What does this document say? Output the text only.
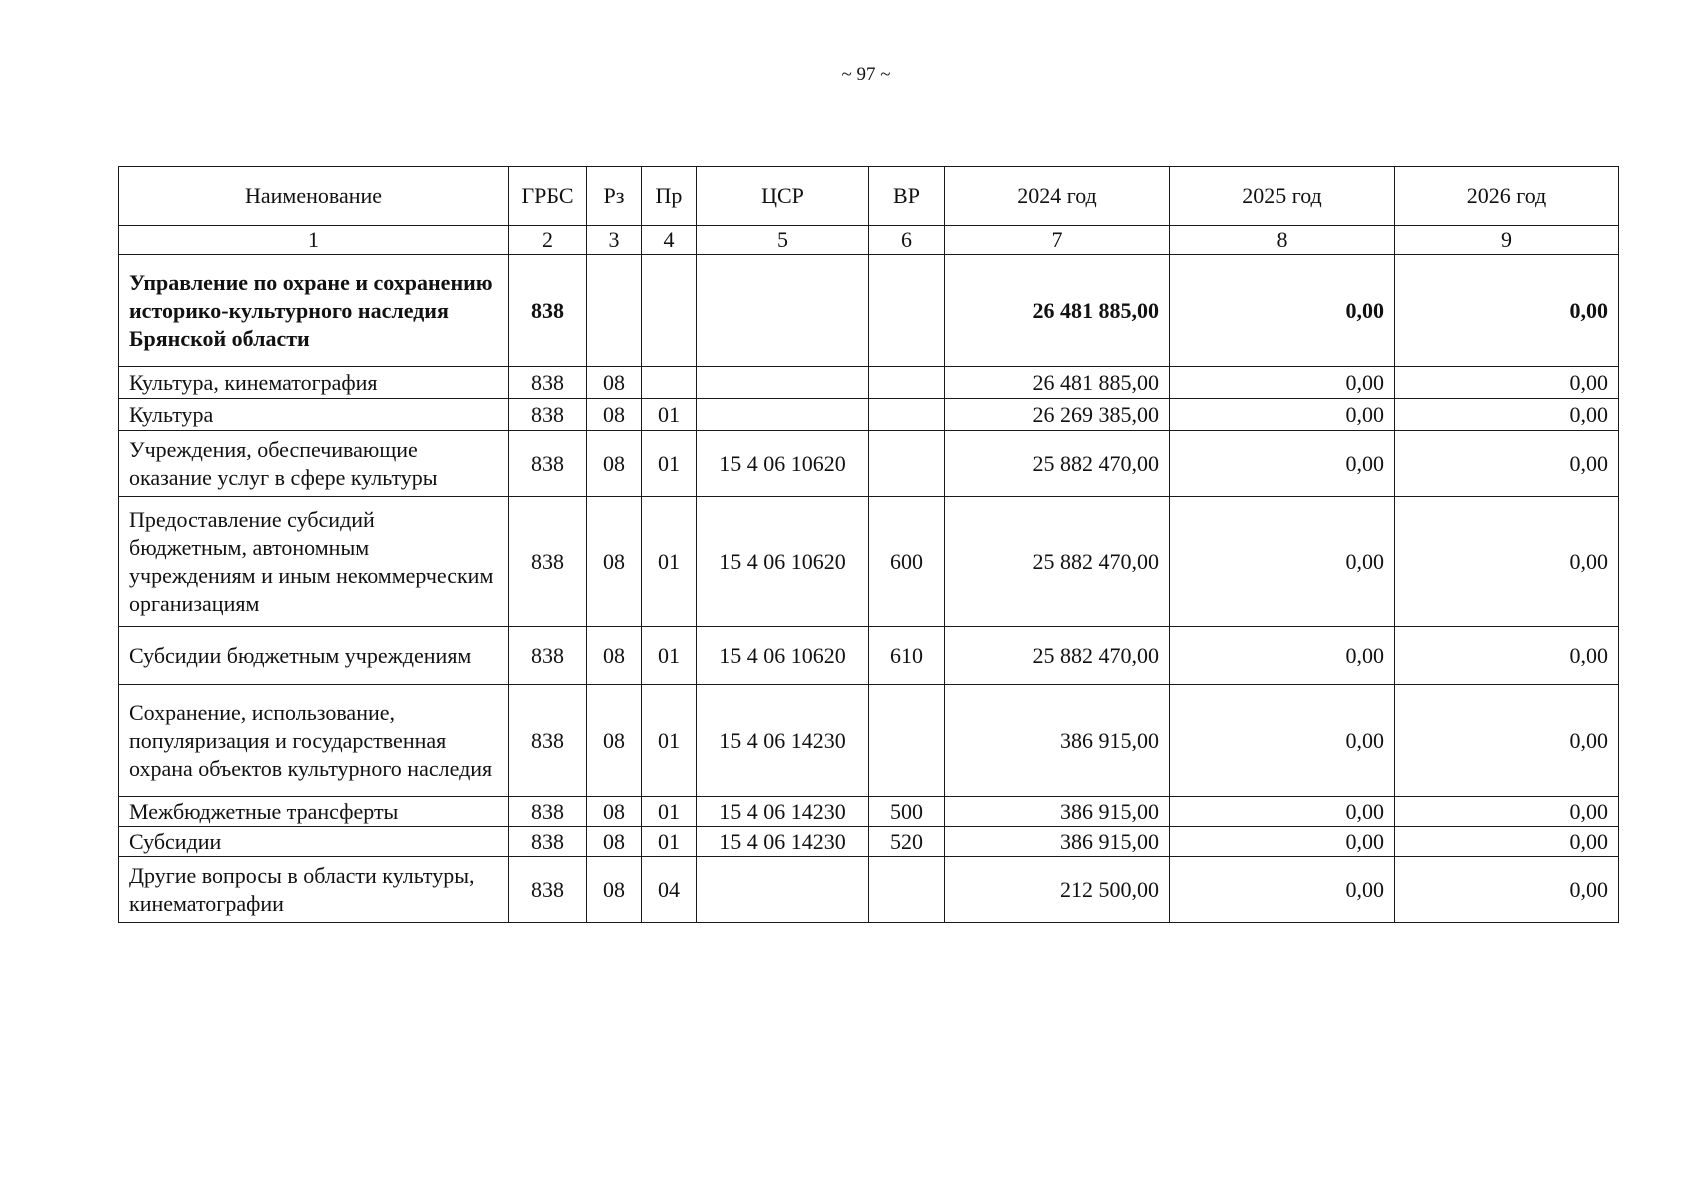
~ 97 ~
Наименование	ГРБС	Рз	Пр	ЦСР	ВР	2024 год	2025 год	2026 год
1	2	3	4	5	6	7	8	9
Управление по охране и сохранению историко-культурного наследия Брянской области	838					26 481 885,00	0,00	0,00
Культура, кинематография	838	08				26 481 885,00	0,00	0,00
Культура	838	08	01			26 269 385,00	0,00	0,00
Учреждения, обеспечивающие оказание услуг в сфере культуры	838	08	01	15 4 06 10620		25 882 470,00	0,00	0,00
Предоставление субсидий бюджетным, автономным учреждениям и иным некоммерческим организациям	838	08	01	15 4 06 10620	600	25 882 470,00	0,00	0,00
Субсидии бюджетным учреждениям	838	08	01	15 4 06 10620	610	25 882 470,00	0,00	0,00
Сохранение, использование, популяризация и государственная охрана объектов культурного наследия	838	08	01	15 4 06 14230		386 915,00	0,00	0,00
Межбюджетные трансферты	838	08	01	15 4 06 14230	500	386 915,00	0,00	0,00
Субсидии	838	08	01	15 4 06 14230	520	386 915,00	0,00	0,00
Другие вопросы в области культуры, кинематографии	838	08	04			212 500,00	0,00	0,00
